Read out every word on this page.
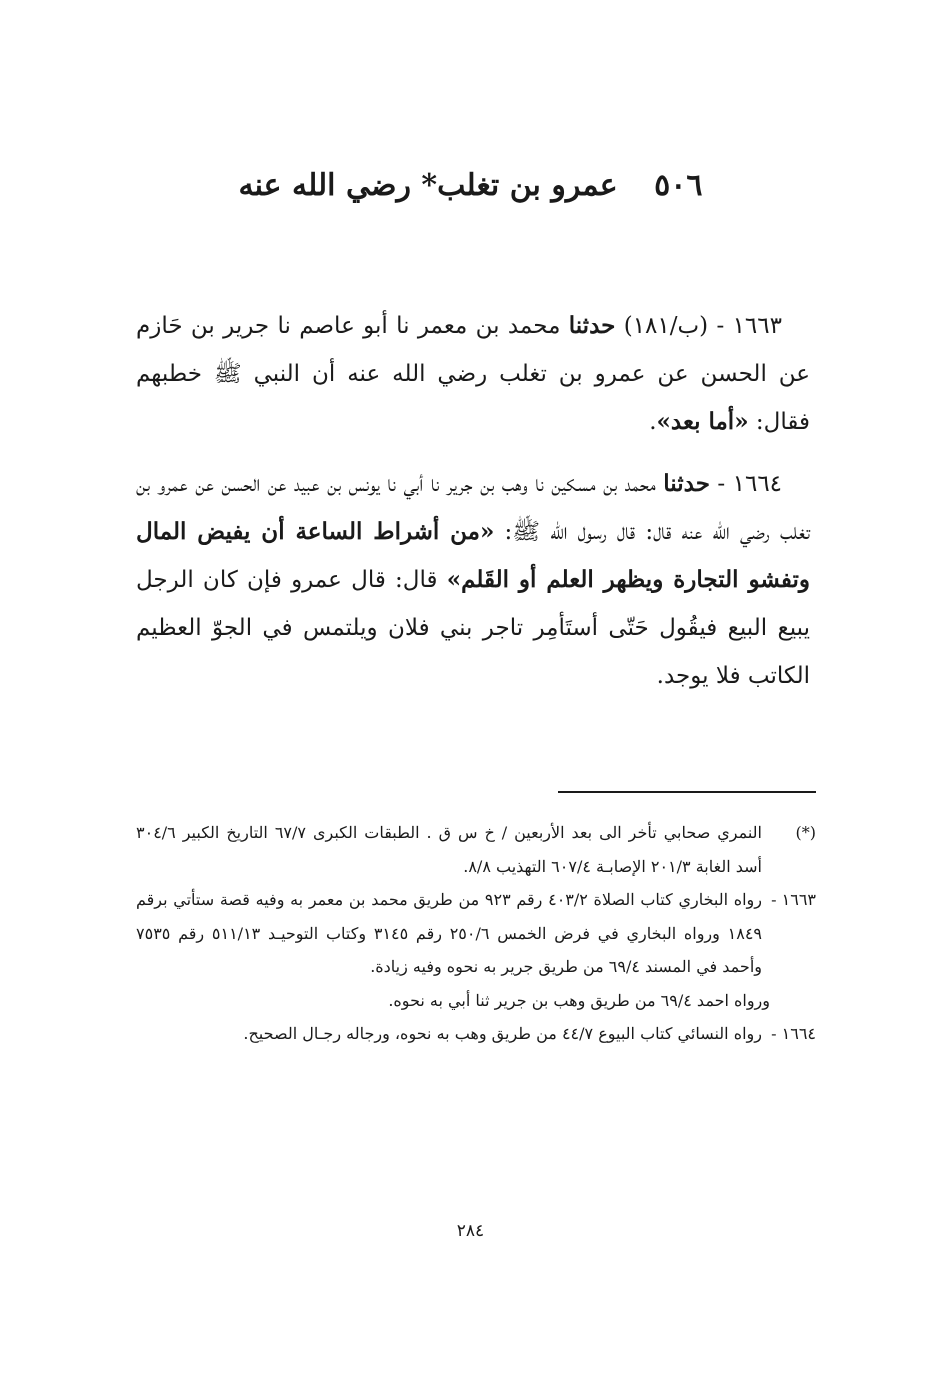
٥٠٦ عمرو بن تغلب* رضي الله عنه

١٦٦٣ - (ب/١٨١) حدثنا محمد بن معمر نا أبو عاصم نا جرير بن حَازم عن الحسن عن عمرو بن تغلب رضي الله عنه أن النبي ﷺ خطبهم فقال: «أما بعد».

١٦٦٤ - حدثنا محمد بن مسكين نا وهب بن جرير نا أبي نا يونس بن عبيد عن الحسن عن عمرو بن تغلب رضي الله عنه قال: قال رسول الله ﷺ: «من أشراط الساعة أن يفيض المال وتفشو التجارة ويظهر العلم أو القَلم» قال: قال عمرو فإن كان الرجل يبيع البيع فيقُول حَتّى أستَأمِر تاجر بني فلان ويلتمس في الجوّ العظيم الكاتب فلا يوجد.

(*)
النمري صحابي تأخر الى بعد الأربعين / خ س ق . الطبقات الكبرى ٦٧/٧ التاريخ الكبير ٣٠٤/٦ أسد الغابة ٢٠١/٣ الإصابـة ٦٠٧/٤ التهذيب ٨/٨.

١٦٦٣ -
رواه البخاري كتاب الصلاة ٤٠٣/٢ رقم ٩٢٣ من طريق محمد بن معمر به وفيه قصة ستأتي برقم ١٨٤٩ ورواه البخاري في فرض الخمس ٢٥٠/٦ رقم ٣١٤٥ وكتاب التوحيـد ٥١١/١٣ رقم ٧٥٣٥ وأحمد في المسند ٦٩/٤ من طريق جرير به نحوه وفيه زيادة.

ورواه احمد ٦٩/٤ من طريق وهب بن جرير ثنا أبي به نحوه.

١٦٦٤ -
رواه النسائي كتاب البيوع ٤٤/٧ من طريق وهب به نحوه، ورجاله رجـال الصحيح.

٢٨٤
